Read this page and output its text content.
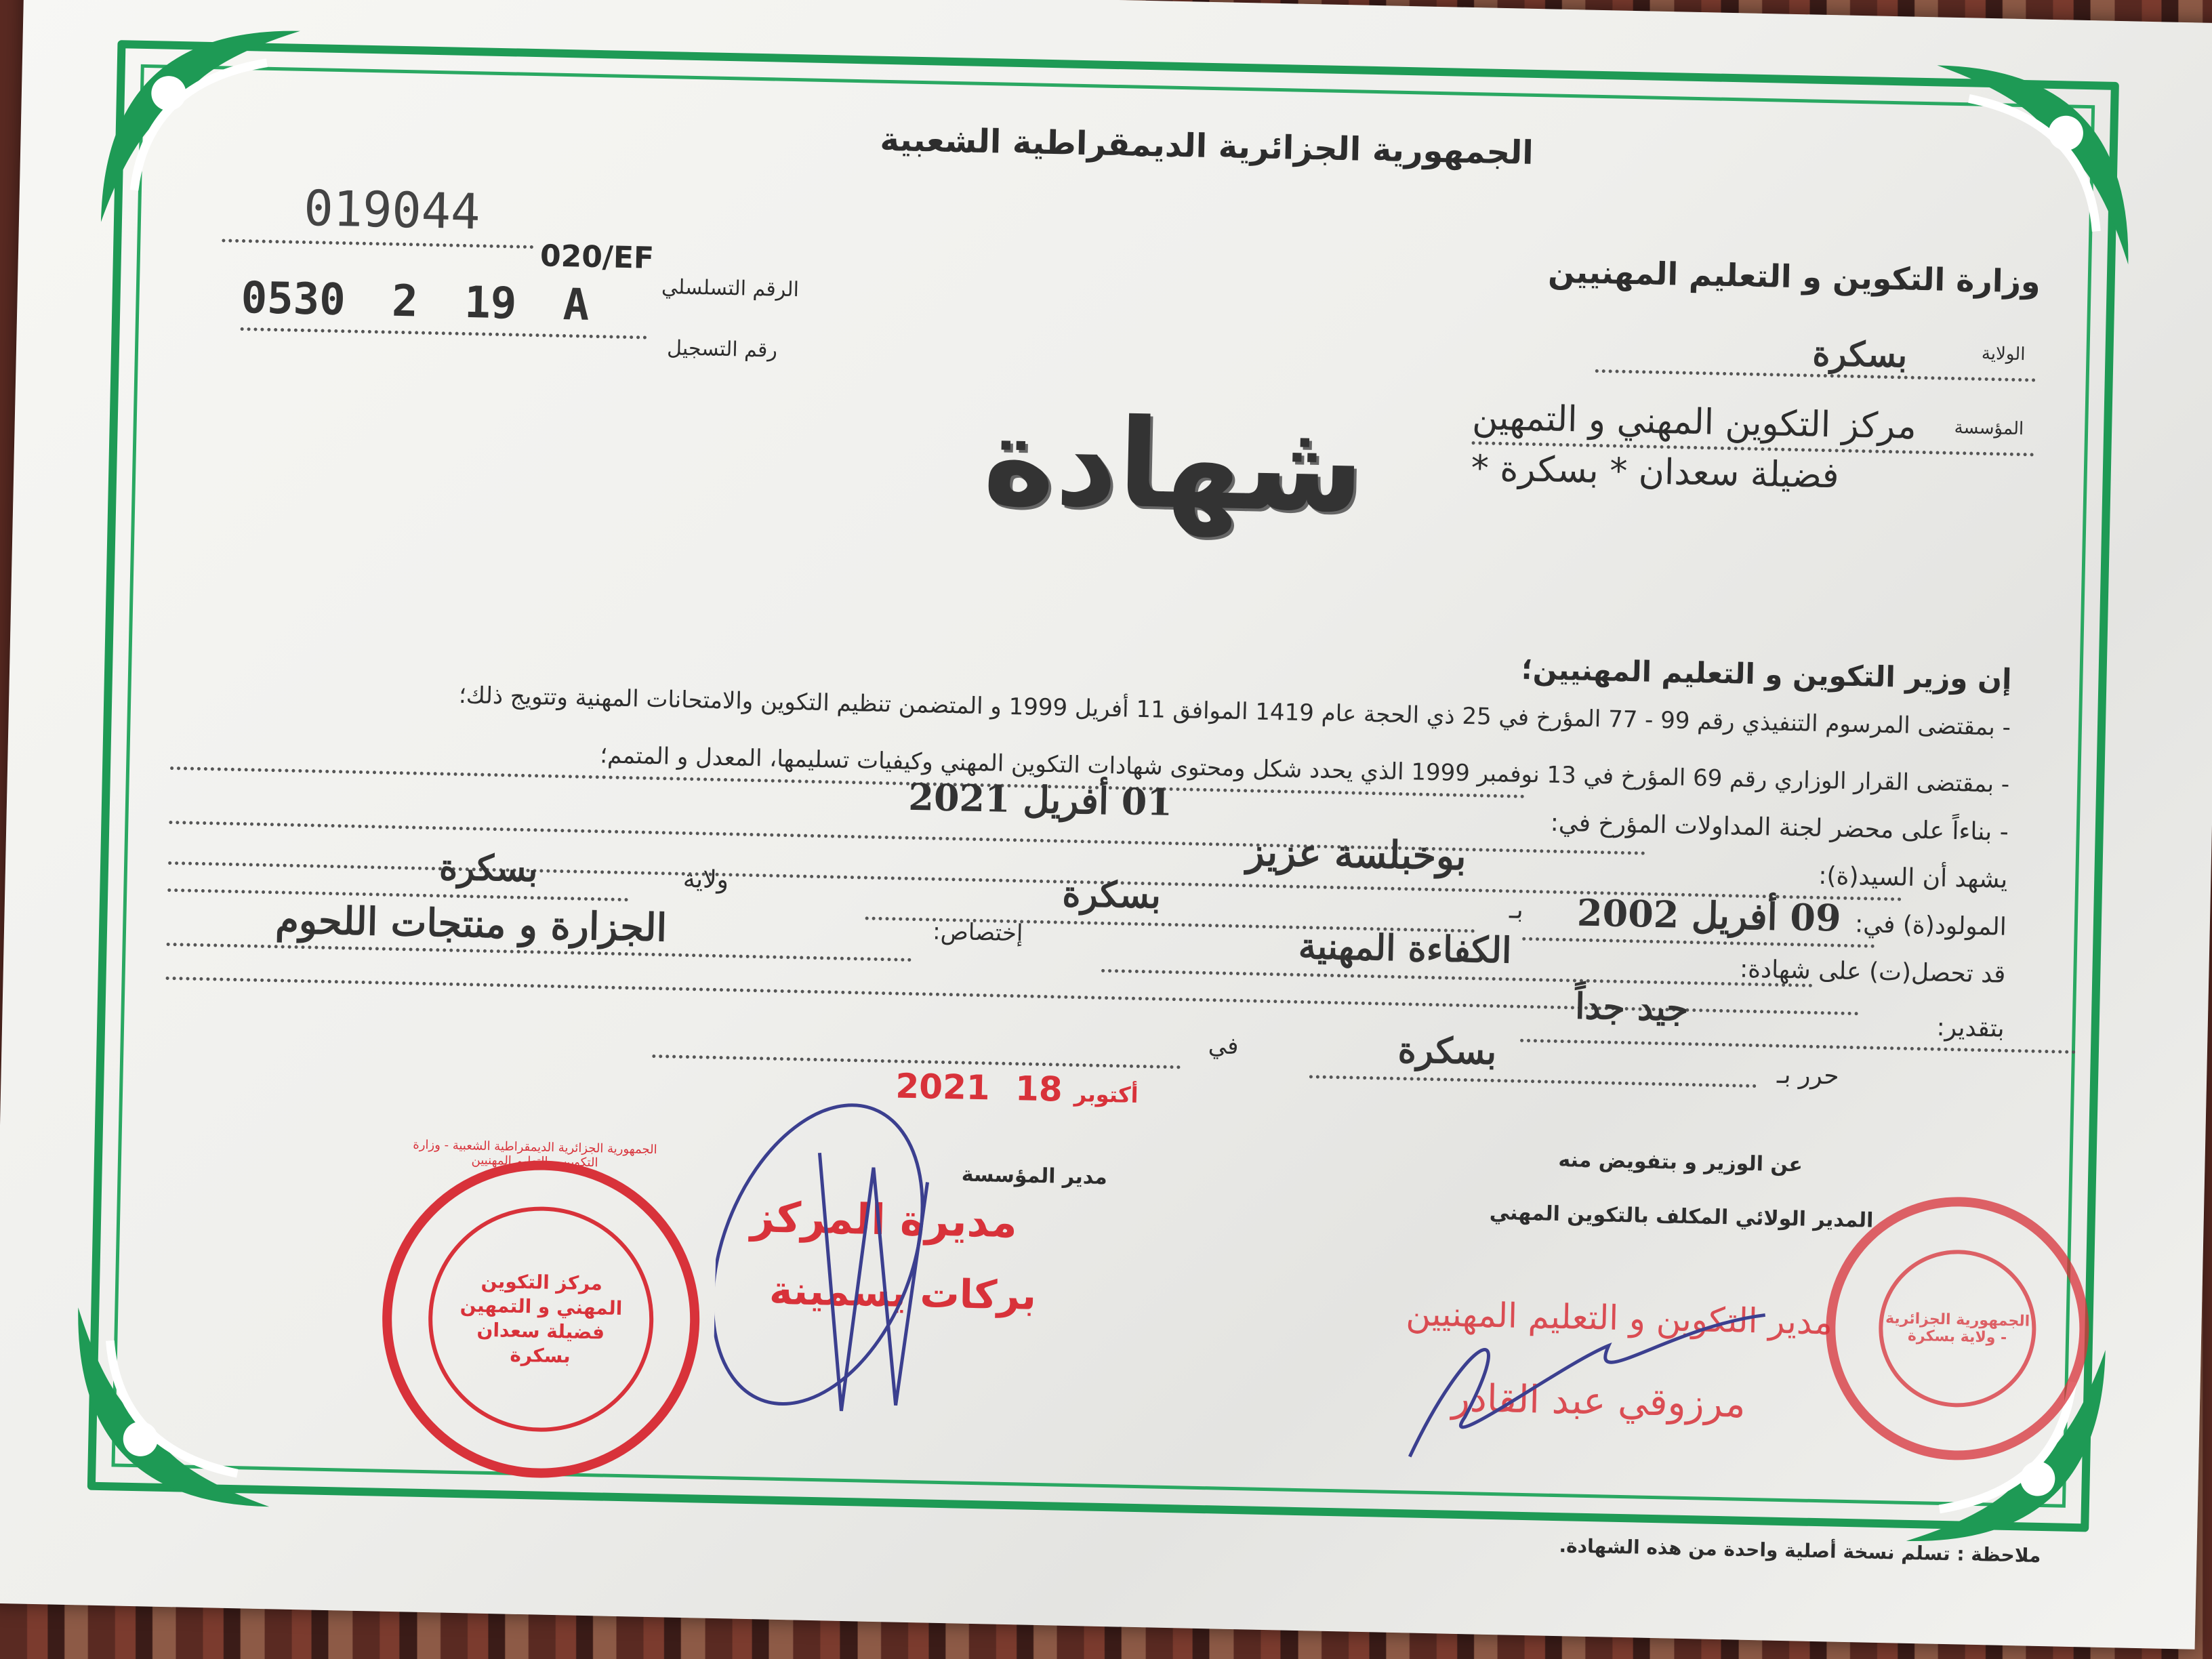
الجمهورية الجزائرية الديمقراطية الشعبية
وزارة التكوين و التعليم المهنيين
019044
020/EF
الرقم التسلسلي
0530 2 19 A
رقم التسجيل	الولاية
بسكرة
المؤسسة
مركز التكوين المهني و التمهين
فضيلة سعدان * بسكرة *
شهادة
إن وزير التكوين و التعليم المهنيين؛
- بمقتضى المرسوم التنفيذي رقم 99 - 77 المؤرخ في 25 ذي الحجة عام 1419 الموافق 11 أفريل 1999 و المتضمن تنظيم التكوين والامتحانات المهنية وتتويج ذلك؛
- بمقتضى القرار الوزاري رقم 69 المؤرخ في 13 نوفمبر 1999 الذي يحدد شكل ومحتوى شهادات التكوين المهني وكيفيات تسليمها، المعدل و المتمم؛
- بناءاً على محضر لجنة المداولات المؤرخ في:
01 أفريل 2021
يشهد أن السيد(ة):
بوخبلسة عزيز
ولاية
بسكرة
المولود(ة) في:
09 أفريل 2002
بـ
بسكرة
قد تحصل(ت) على شهادة:
الكفاءة المهنية
إختصاص:
الجزارة و منتجات اللحوم
بتقدير:
جيد جداً
حرر بـ
بسكرة
في
2021	أكتوبر 18
عن الوزير و بتفويض منه
المدير الولائي المكلف بالتكوين المهني
مدير التكوين و التعليم المهنيين
مرزوقي عبد القادر
الجمهورية الجزائرية - ولاية بسكرة
مدير المؤسسة
مديرة المركز
بركات يسمينة
مركز التكوين المهني و التمهين فضيلة سعدان بسكرة
الجمهورية الجزائرية الديمقراطية الشعبية - وزارة التكوين و التعليم المهنيين
ملاحظة : تسلم نسخة أصلية واحدة من هذه الشهادة.
